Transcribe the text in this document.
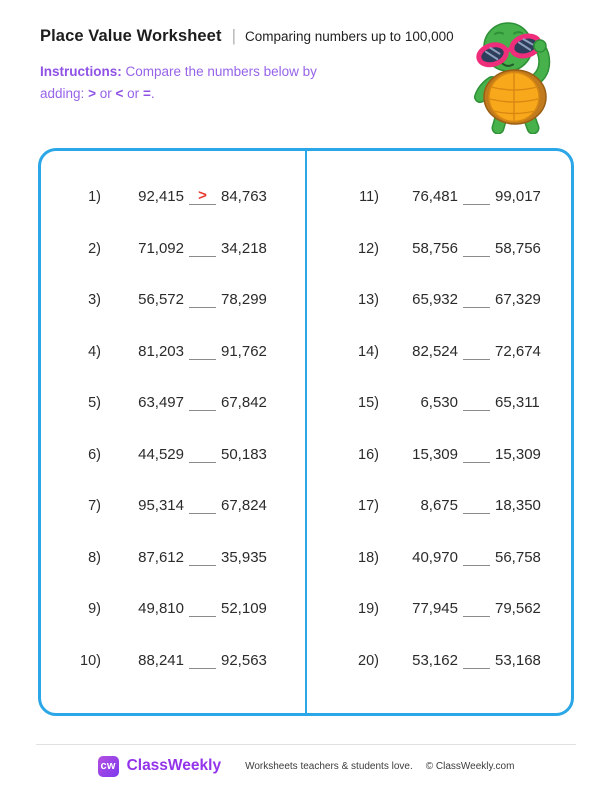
Place Value Worksheet | Comparing numbers up to 100,000

Instructions: Compare the numbers below by adding: > or < or =.

1)	92,415 > 84,763
2)	71,092 34,218
3)	56,572 78,299
4)	81,203 91,762
5)	63,497 67,842
6)	44,529 50,183
7)	95,314 67,824
8)	87,612 35,935
9)	49,810 52,109
10)	88,241 92,563
11)	76,481 99,017
12)	58,756 58,756
13)	65,932 67,329
14)	82,524 72,674
15)	6,530 65,311
16)	15,309 15,309
17)	8,675 18,350
18)	40,970 56,758
19)	77,945 79,562
20)	53,162 53,168
cw ClassWeekly Worksheets teachers & students love. © ClassWeekly.com
